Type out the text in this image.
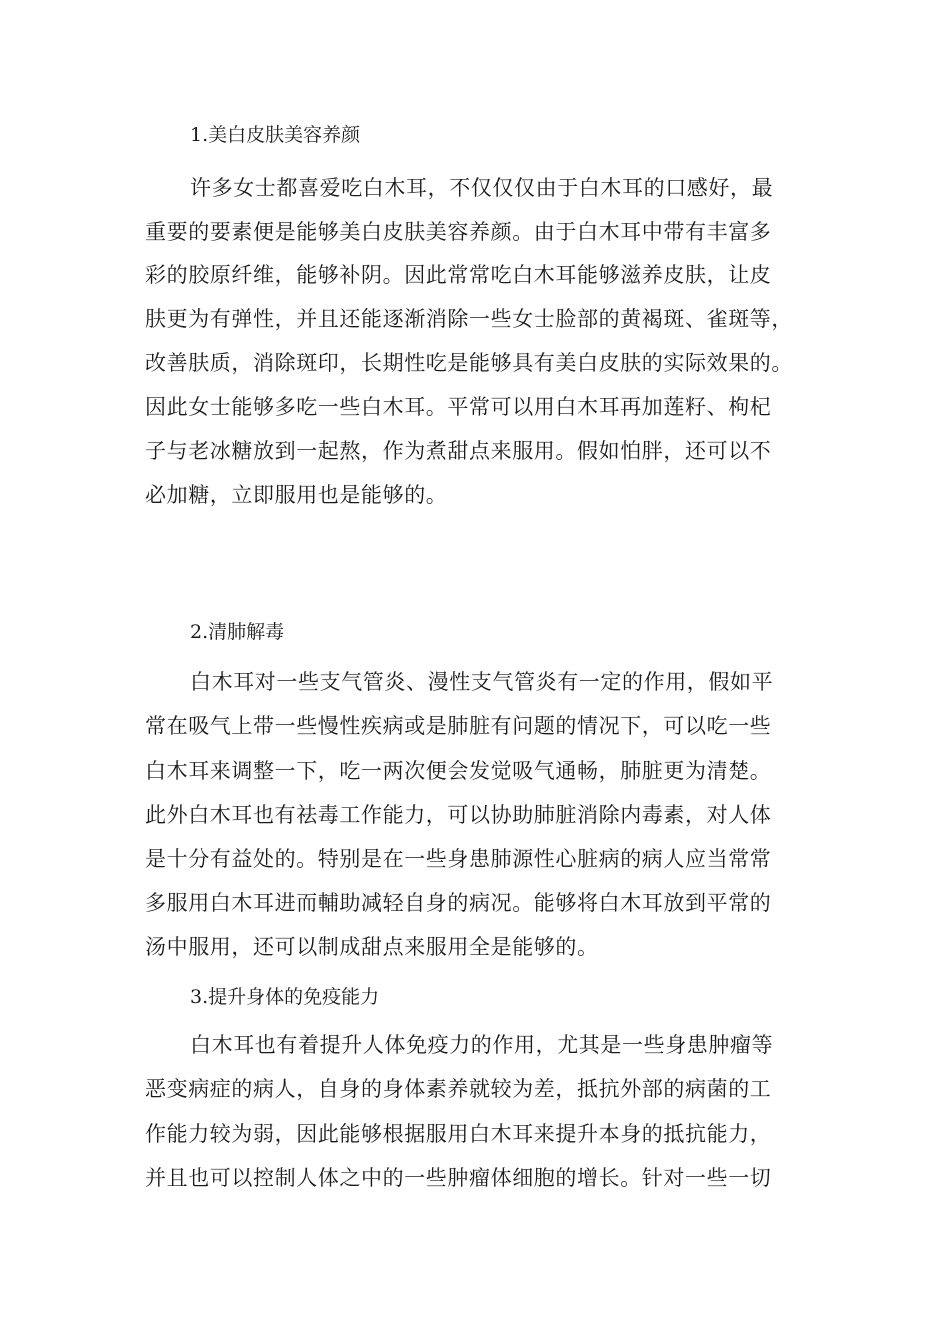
1.美白皮肤美容养颜
许多女士都喜爱吃白木耳，不仅仅仅由于白木耳的口感好，最
重要的要素便是能够美白皮肤美容养颜。由于白木耳中带有丰富多
彩的胶原纤维，能够补阴。因此常常吃白木耳能够滋养皮肤，让皮
肤更为有弹性，并且还能逐渐消除一些女士脸部的黄褐斑、雀斑等，
改善肤质，消除斑印，长期性吃是能够具有美白皮肤的实际效果的。
因此女士能够多吃一些白木耳。平常可以用白木耳再加莲籽、枸杞
子与老冰糖放到一起熬，作为煮甜点来服用。假如怕胖，还可以不
必加糖，立即服用也是能够的。
2.清肺解毒
白木耳对一些支气管炎、漫性支气管炎有一定的作用，假如平
常在吸气上带一些慢性疾病或是肺脏有问题的情况下，可以吃一些
白木耳来调整一下，吃一两次便会发觉吸气通畅，肺脏更为清楚。
此外白木耳也有祛毒工作能力，可以协助肺脏消除内毒素，对人体
是十分有益处的。特别是在一些身患肺源性心脏病的病人应当常常
多服用白木耳进而輔助减轻自身的病况。能够将白木耳放到平常的
汤中服用，还可以制成甜点来服用全是能够的。
3.提升身体的免疫能力
白木耳也有着提升人体免疫力的作用，尤其是一些身患肿瘤等
恶变病症的病人，自身的身体素养就较为差，抵抗外部的病菌的工
作能力较为弱，因此能够根据服用白木耳来提升本身的抵抗能力，
并且也可以控制人体之中的一些肿瘤体细胞的增长。针对一些一切
